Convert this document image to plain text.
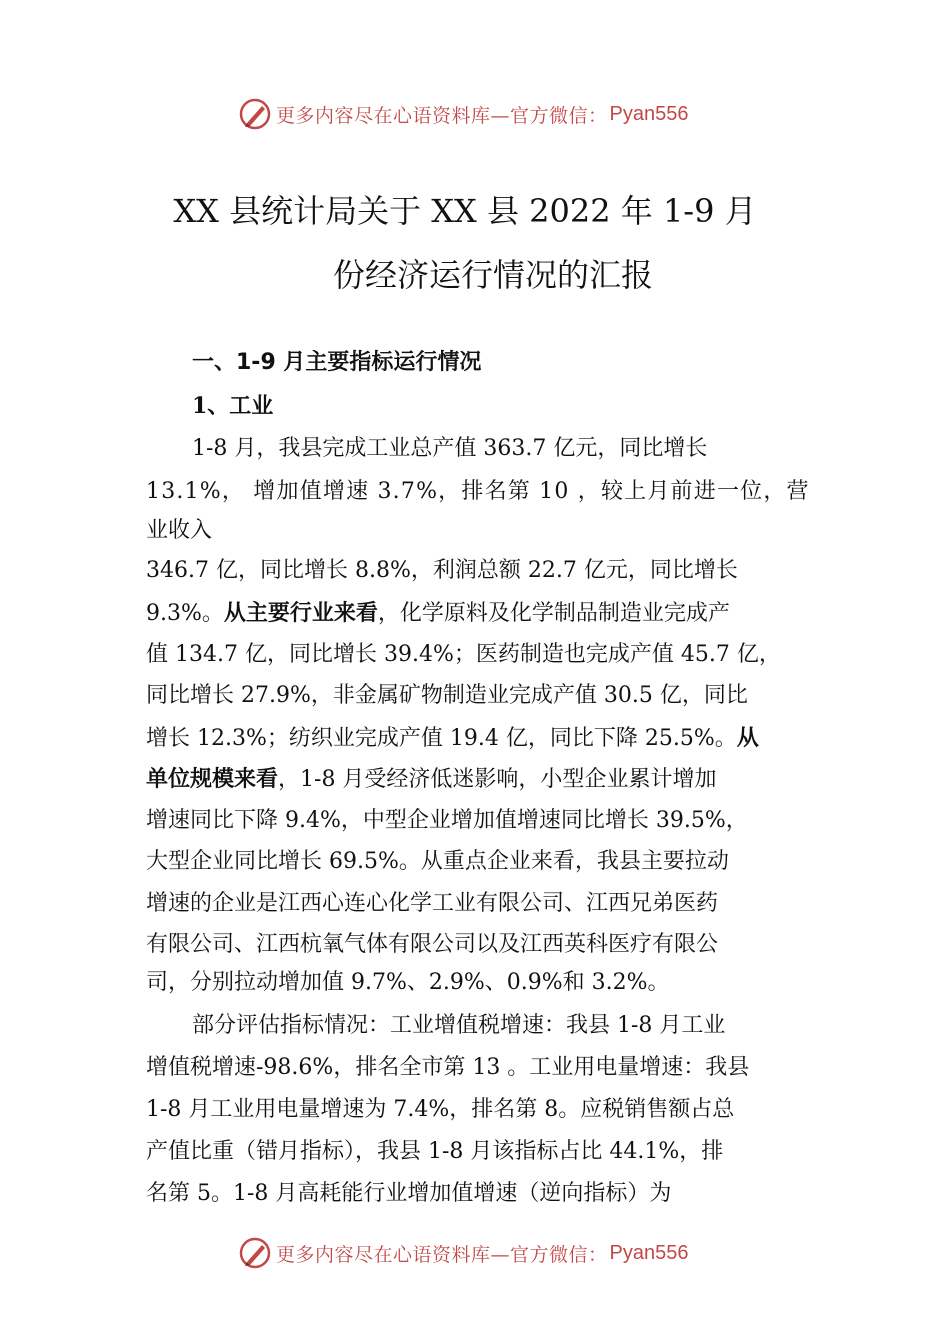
更多内容尽在心语资料库—官方微信： Pyan556
XX 县统计局关于 XX 县 2022 年 1-9 月
份经济运行情况的汇报
一、1-9 月主要指标运行情况
1、工业
1-8 月，我县完成工业总产值 363.7 亿元，同比增长
13.1%， 增加值增速 3.7%，排名第 10 ，较上月前进一位，营
业收入
346.7 亿，同比增长 8.8%，利润总额 22.7 亿元，同比增长
9.3%。从主要行业来看，化学原料及化学制品制造业完成产
值 134.7 亿，同比增长 39.4%；医药制造也完成产值 45.7 亿，
同比增长 27.9%，非金属矿物制造业完成产值 30.5 亿，同比
增长 12.3%；纺织业完成产值 19.4 亿，同比下降 25.5%。从
单位规模来看，1-8 月受经济低迷影响，小型企业累计增加
增速同比下降 9.4%，中型企业增加值增速同比增长 39.5%，
大型企业同比增长 69.5%。从重点企业来看，我县主要拉动
增速的企业是江西心连心化学工业有限公司、江西兄弟医药
有限公司、江西杭氧气体有限公司以及江西英科医疗有限公
司，分别拉动增加值 9.7%、2.9%、0.9%和 3.2%。
部分评估指标情况：工业增值税增速：我县 1-8 月工业
增值税增速-98.6%，排名全市第 13 。工业用电量增速：我县
1-8 月工业用电量增速为 7.4%，排名第 8。应税销售额占总
产值比重（错月指标），我县 1-8 月该指标占比 44.1%，排
名第 5。1-8 月高耗能行业增加值增速（逆向指标）为
更多内容尽在心语资料库—官方微信： Pyan556
